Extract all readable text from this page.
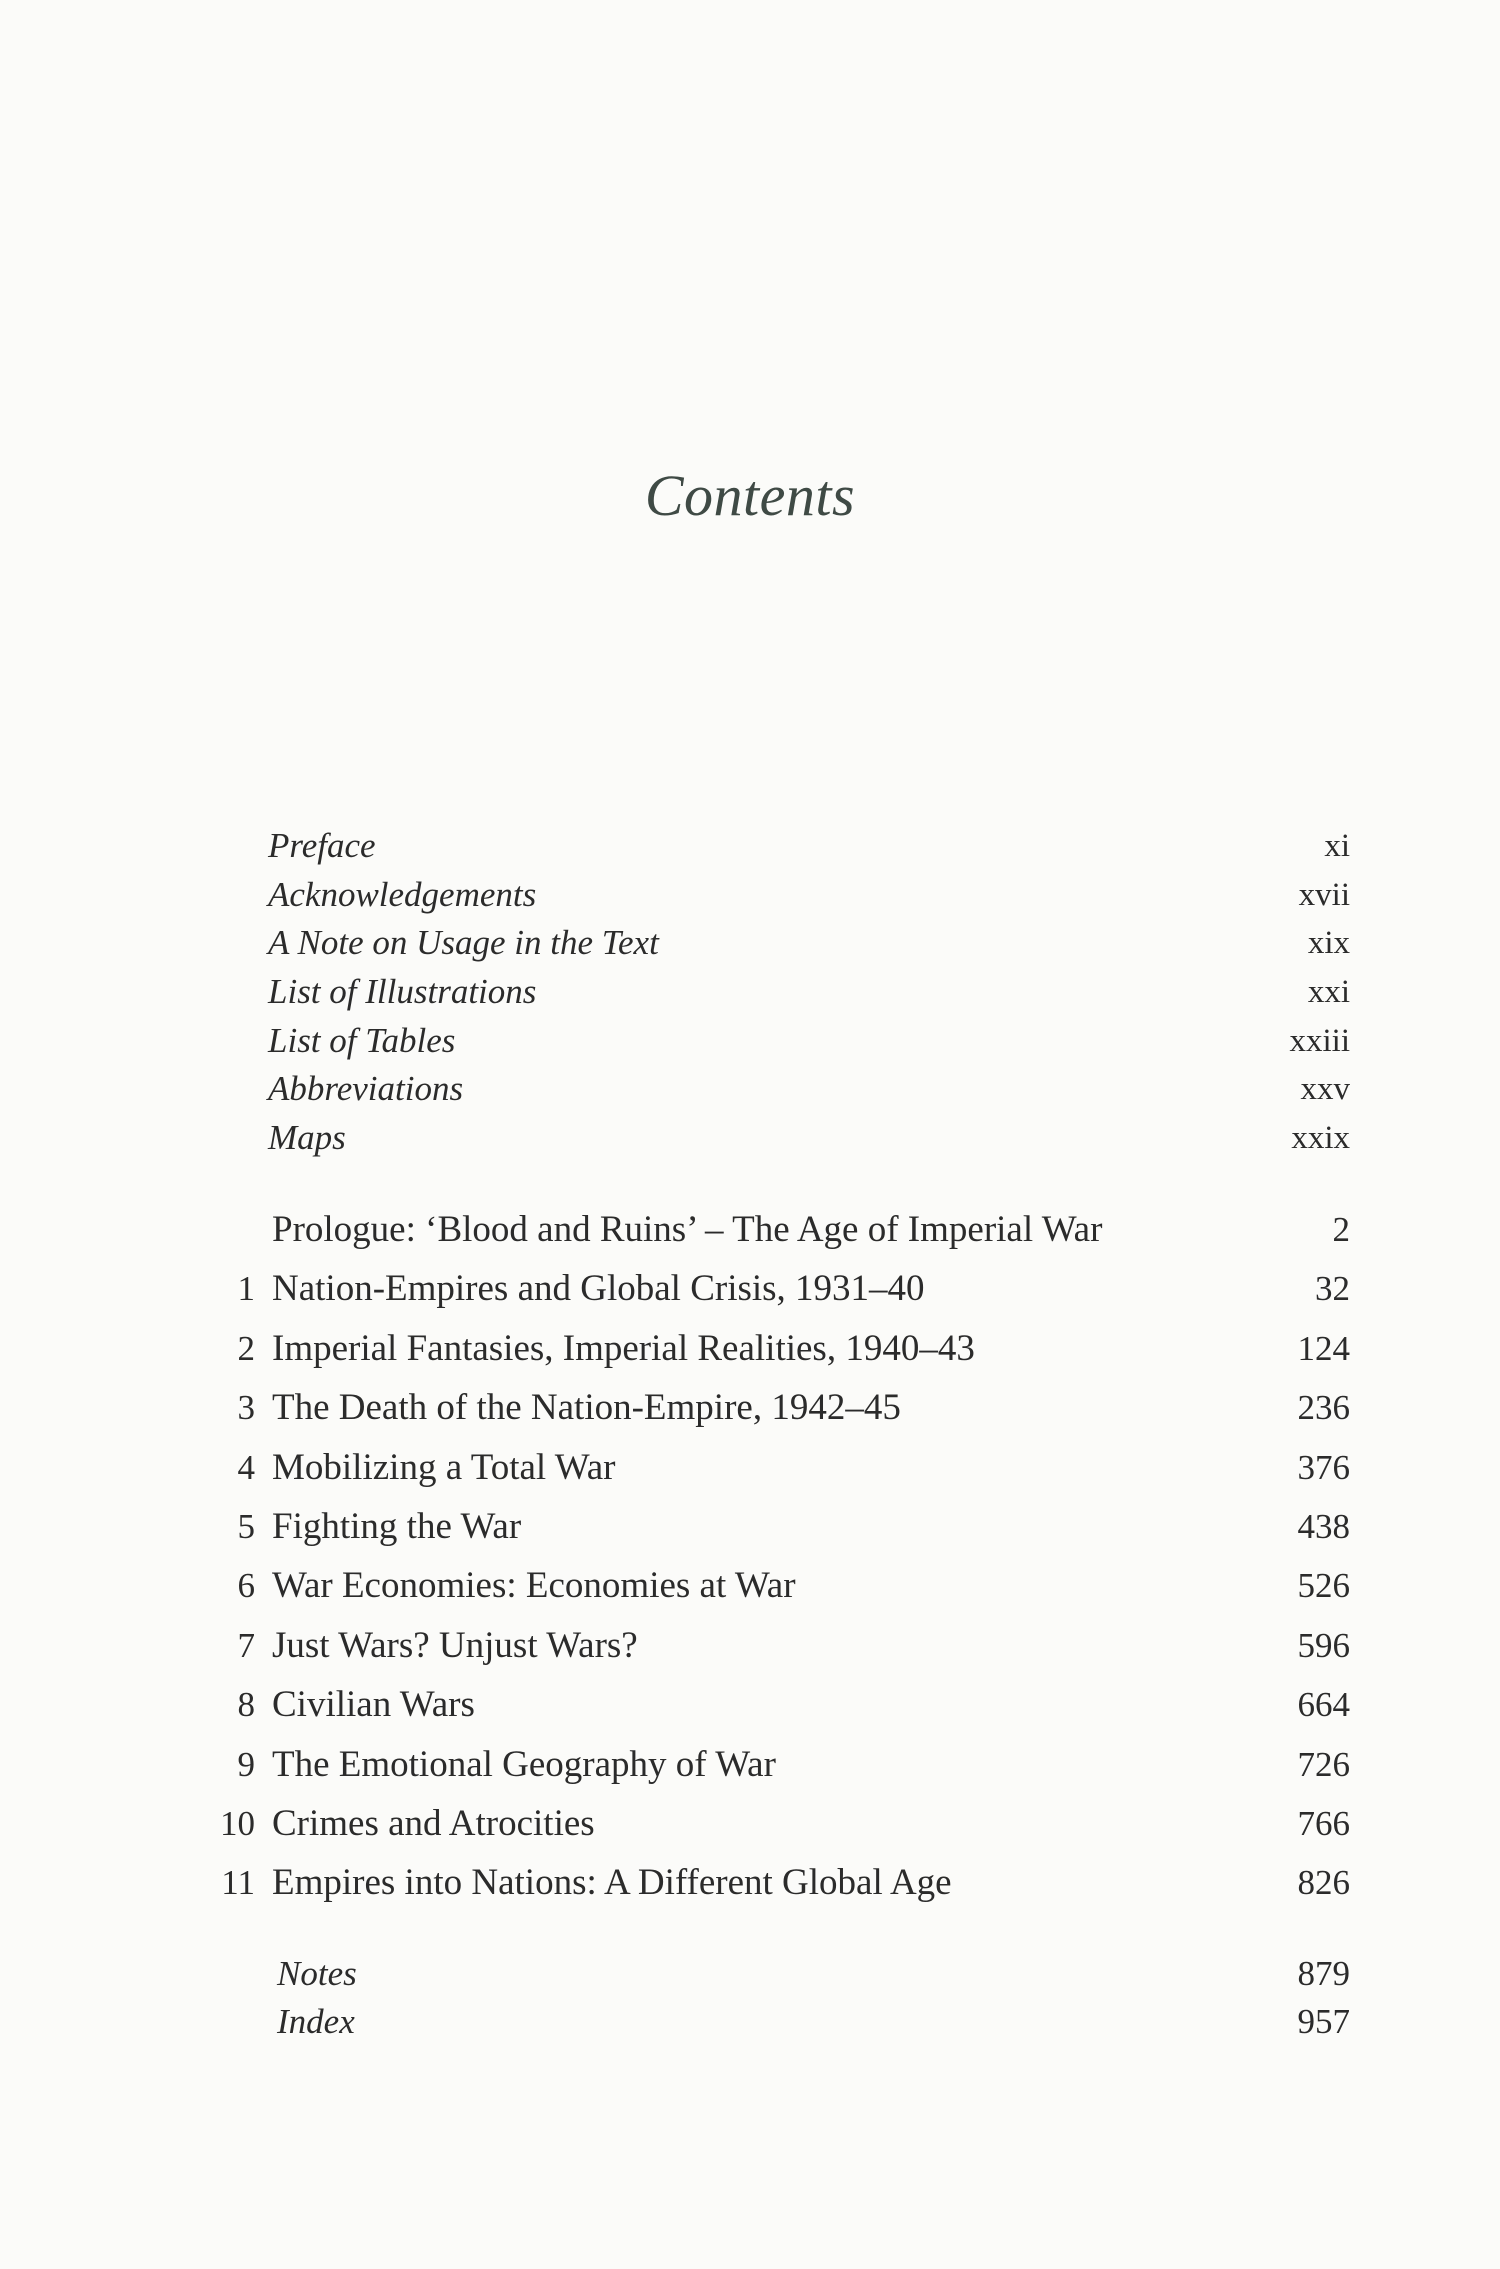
Contents
Preface	xi
Acknowledgements	xvii
A Note on Usage in the Text	xix
List of Illustrations	xxi
List of Tables	xxiii
Abbreviations	xxv
Maps	xxix
Prologue: ‘Blood and Ruins’ – The Age of Imperial War	2
1 Nation-Empires and Global Crisis, 1931–40	32
2 Imperial Fantasies, Imperial Realities, 1940–43	124
3 The Death of the Nation-Empire, 1942–45	236
4 Mobilizing a Total War	376
5 Fighting the War	438
6 War Economies: Economies at War	526
7 Just Wars? Unjust Wars?	596
8 Civilian Wars	664
9 The Emotional Geography of War	726
10 Crimes and Atrocities	766
11 Empires into Nations: A Different Global Age	826
Notes	879
Index	957
